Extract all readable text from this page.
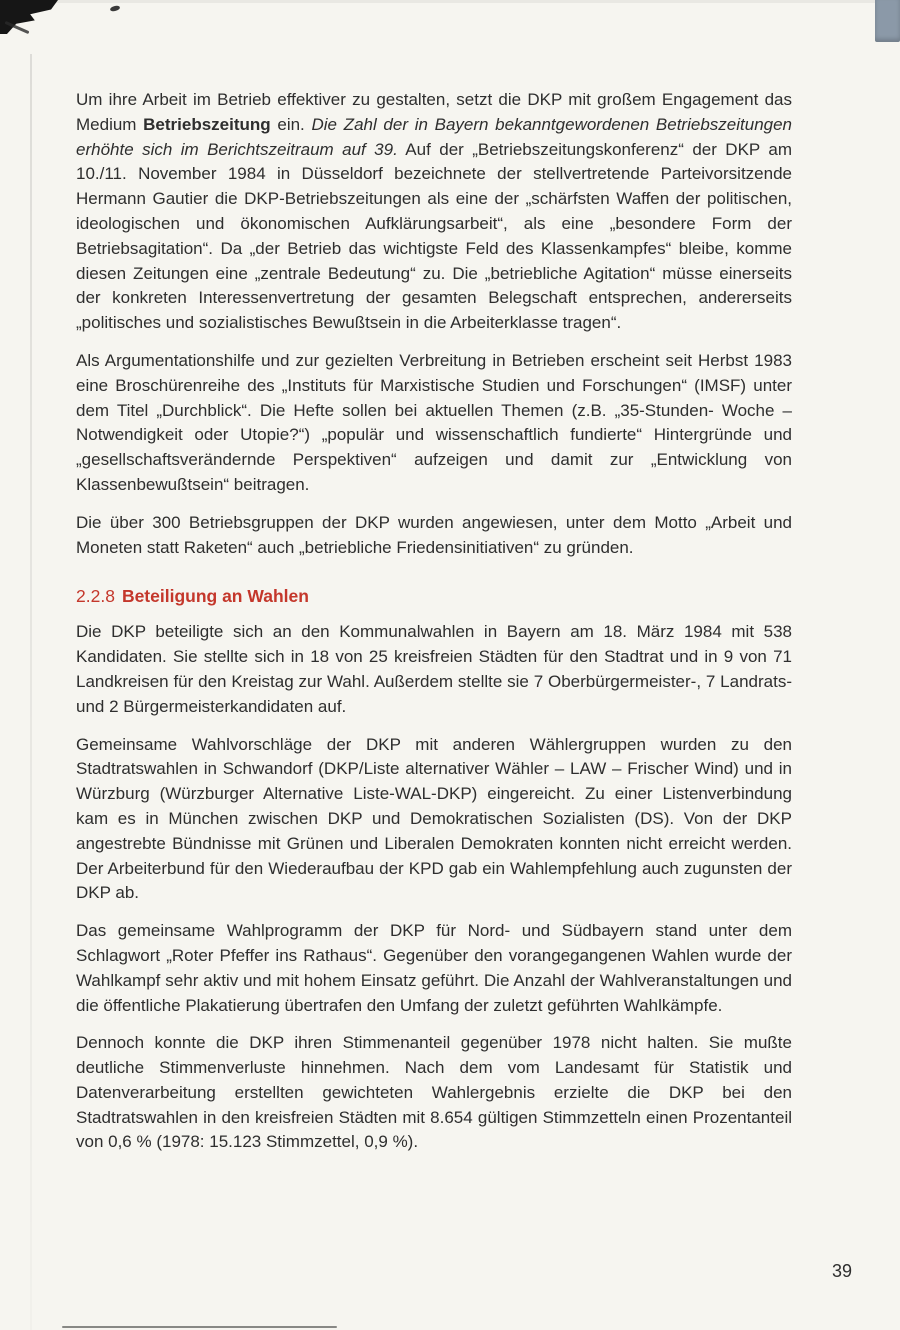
Um ihre Arbeit im Betrieb effektiver zu gestalten, setzt die DKP mit großem Engagement das Medium Betriebszeitung ein. Die Zahl der in Bayern bekanntgewordenen Betriebszeitungen erhöhte sich im Berichtszeitraum auf 39. Auf der „Betriebszeitungskonferenz“ der DKP am 10./11. November 1984 in Düsseldorf bezeichnete der stellvertretende Parteivorsitzende Hermann Gautier die DKP-Betriebszeitungen als eine der „schärfsten Waffen der politischen, ideologischen und ökonomischen Aufklärungsarbeit“, als eine „besondere Form der Betriebsagitation“. Da „der Betrieb das wichtigste Feld des Klassenkampfes“ bleibe, komme diesen Zeitungen eine „zentrale Bedeutung“ zu. Die „betriebliche Agitation“ müsse einerseits der konkreten Interessenvertretung der gesamten Belegschaft entsprechen, andererseits „politisches und sozialistisches Bewußtsein in die Arbeiterklasse tragen“.

Als Argumentationshilfe und zur gezielten Verbreitung in Betrieben erscheint seit Herbst 1983 eine Broschürenreihe des „Instituts für Marxistische Studien und Forschungen“ (IMSF) unter dem Titel „Durchblick“. Die Hefte sollen bei aktuellen Themen (z.B. „35-Stunden- Woche – Notwendigkeit oder Utopie?“) „populär und wissenschaftlich fundierte“ Hintergründe und „gesellschaftsverändernde Perspektiven“ aufzeigen und damit zur „Entwicklung von Klassenbewußtsein“ beitragen.

Die über 300 Betriebsgruppen der DKP wurden angewiesen, unter dem Motto „Arbeit und Moneten statt Raketen“ auch „betriebliche Friedensinitiativen“ zu gründen.

2.2.8 Beteiligung an Wahlen

Die DKP beteiligte sich an den Kommunalwahlen in Bayern am 18. März 1984 mit 538 Kandidaten. Sie stellte sich in 18 von 25 kreisfreien Städten für den Stadtrat und in 9 von 71 Landkreisen für den Kreistag zur Wahl. Außerdem stellte sie 7 Oberbürgermeister-, 7 Landrats- und 2 Bürgermeisterkandidaten auf.

Gemeinsame Wahlvorschläge der DKP mit anderen Wählergruppen wurden zu den Stadtratswahlen in Schwandorf (DKP/Liste alternativer Wähler – LAW – Frischer Wind) und in Würzburg (Würzburger Alternative Liste-WAL-DKP) eingereicht. Zu einer Listenverbindung kam es in München zwischen DKP und Demokratischen Sozialisten (DS). Von der DKP angestrebte Bündnisse mit Grünen und Liberalen Demokraten konnten nicht erreicht werden. Der Arbeiterbund für den Wiederaufbau der KPD gab ein Wahlempfehlung auch zugunsten der DKP ab.

Das gemeinsame Wahlprogramm der DKP für Nord- und Südbayern stand unter dem Schlagwort „Roter Pfeffer ins Rathaus“. Gegenüber den vorangegangenen Wahlen wurde der Wahlkampf sehr aktiv und mit hohem Einsatz geführt. Die Anzahl der Wahlveranstaltungen und die öffentliche Plakatierung übertrafen den Umfang der zuletzt geführten Wahlkämpfe.

Dennoch konnte die DKP ihren Stimmenanteil gegenüber 1978 nicht halten. Sie mußte deutliche Stimmenverluste hinnehmen. Nach dem vom Landesamt für Statistik und Datenverarbeitung erstellten gewichteten Wahlergebnis erzielte die DKP bei den Stadtratswahlen in den kreisfreien Städten mit 8.654 gültigen Stimmzetteln einen Prozentanteil von 0,6 % (1978: 15.123 Stimmzettel, 0,9 %).

39
